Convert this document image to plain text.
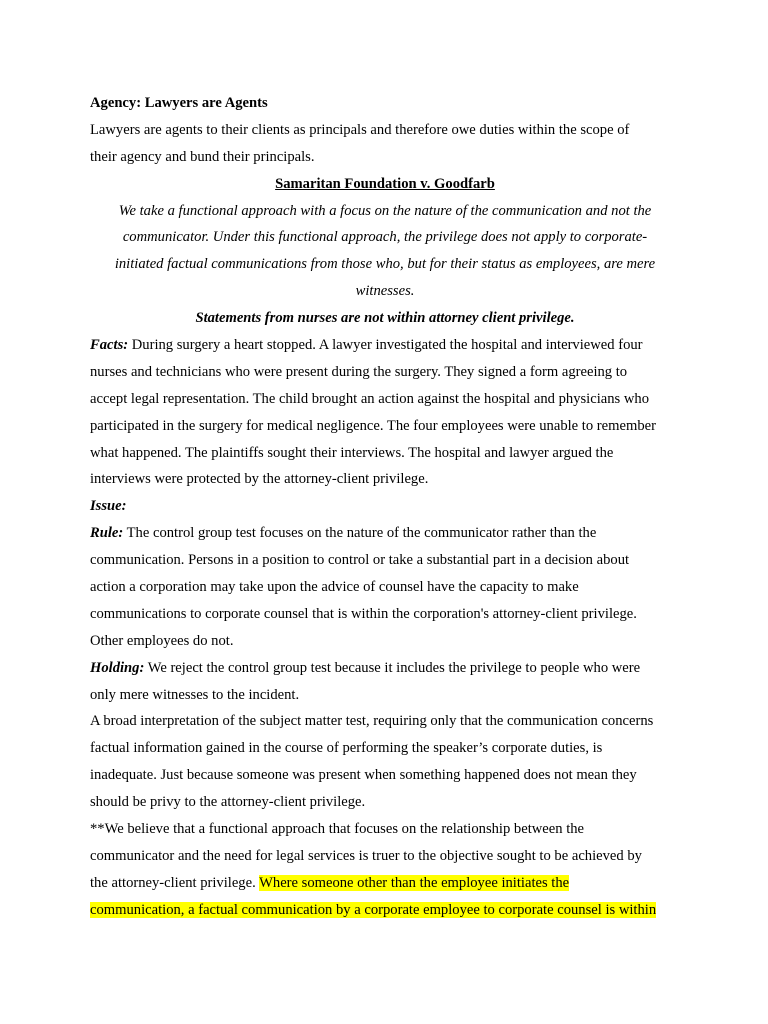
Agency: Lawyers are Agents
Lawyers are agents to their clients as principals and therefore owe duties within the scope of
their agency and bund their principals.
Samaritan Foundation v. Goodfarb
We take a functional approach with a focus on the nature of the communication and not the
communicator. Under this functional approach, the privilege does not apply to corporate-
initiated factual communications from those who, but for their status as employees, are mere
witnesses.
Statements from nurses are not within attorney client privilege.
Facts: During surgery a heart stopped. A lawyer investigated the hospital and interviewed four
nurses and technicians who were present during the surgery. They signed a form agreeing to
accept legal representation. The child brought an action against the hospital and physicians who
participated in the surgery for medical negligence. The four employees were unable to remember
what happened. The plaintiffs sought their interviews. The hospital and lawyer argued the
interviews were protected by the attorney-client privilege.
Issue:
Rule: The control group test focuses on the nature of the communicator rather than the
communication. Persons in a position to control or take a substantial part in a decision about
action a corporation may take upon the advice of counsel have the capacity to make
communications to corporate counsel that is within the corporation's attorney-client privilege.
Other employees do not.
Holding: We reject the control group test because it includes the privilege to people who were
only mere witnesses to the incident.
A broad interpretation of the subject matter test, requiring only that the communication concerns
factual information gained in the course of performing the speaker’s corporate duties, is
inadequate. Just because someone was present when something happened does not mean they
should be privy to the attorney-client privilege.
**We believe that a functional approach that focuses on the relationship between the
communicator and the need for legal services is truer to the objective sought to be achieved by
the attorney-client privilege. Where someone other than the employee initiates the
communication, a factual communication by a corporate employee to corporate counsel is within
